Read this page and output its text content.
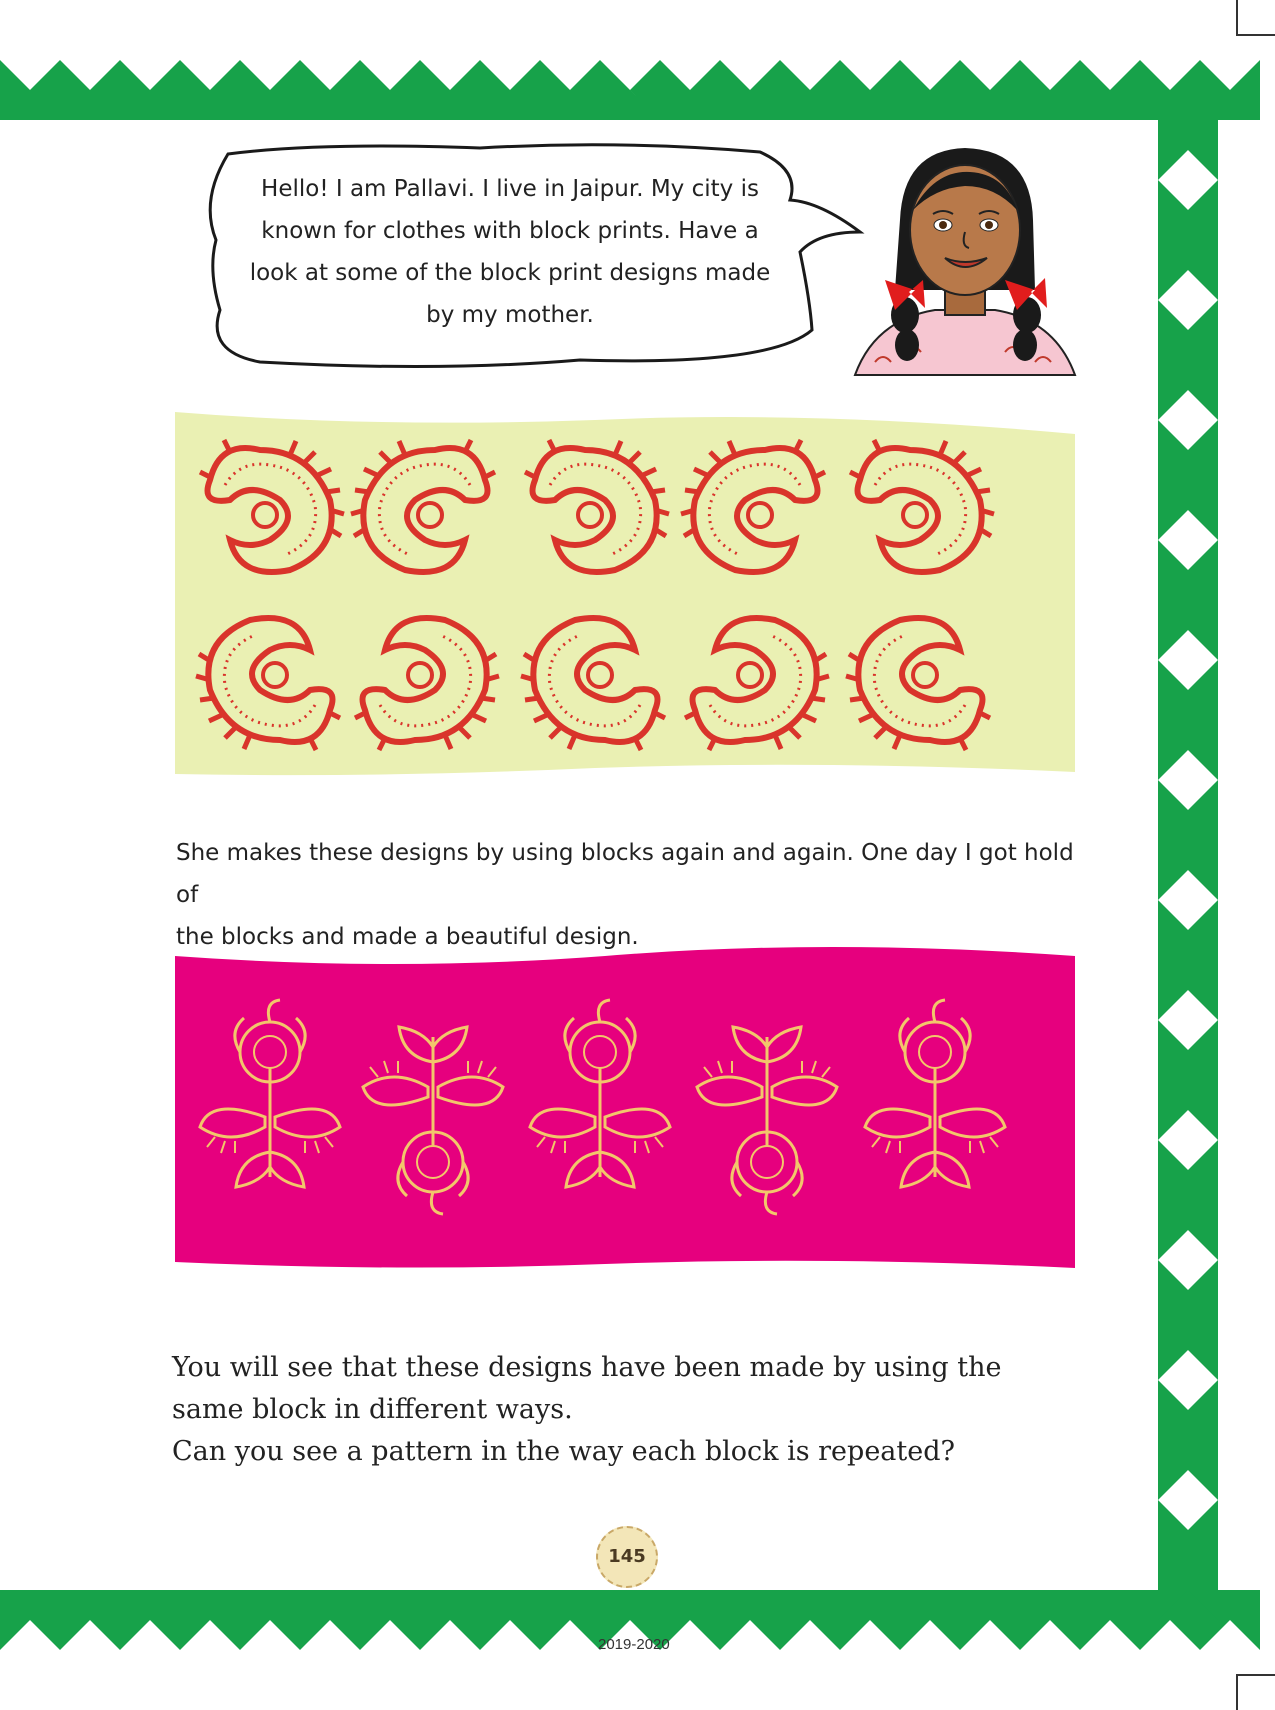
Hello! I am Pallavi. I live in Jaipur. My city is
known for clothes with block prints. Have a
look at some of the block print designs made
by my mother.
She makes these designs by using blocks again and again. One day I got hold of
the blocks and made a beautiful design.

You will see that these designs have been made by using the

same block in different ways.

Can you see a pattern in the way each block is repeated?

145
2019-2020
